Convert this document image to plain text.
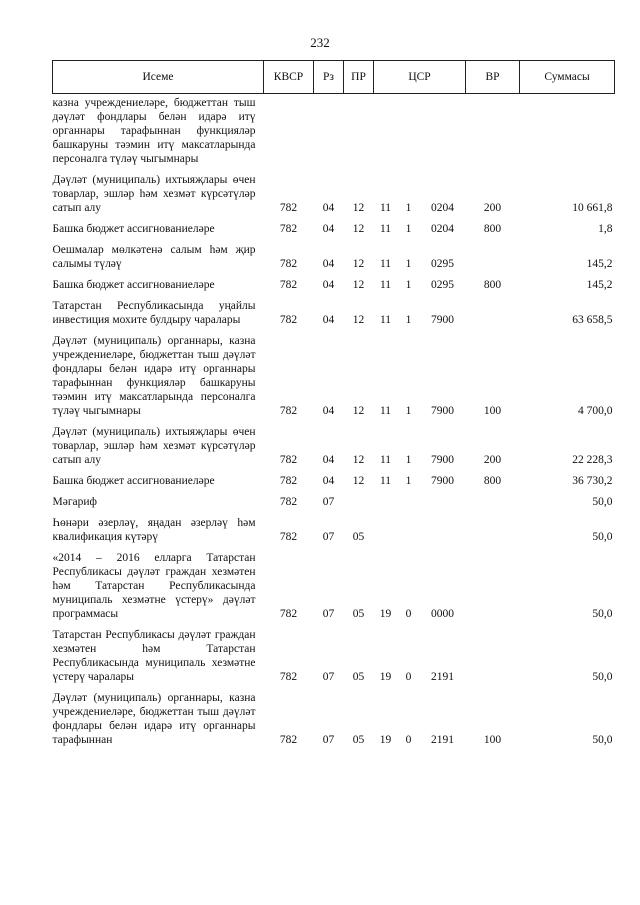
232
Исеме	КВСР	Рз	ПР	ЦСР			ВР	Суммасы
казна учреждениеләре, бюджеттан тыш дәүләт фондлары белән идарә итү органнары тарафыннан функцияләр башкаруны тәэмин итү максатларында персоналга түләү чыгымнары								
Дәүләт (муниципаль) ихтыяҗлары өчен товарлар, эшләр һәм хезмәт күрсәтүләр сатып алу	782	04	12	11	1	0204	200	10 661,8
Башка бюджет ассигнованиеләре	782	04	12	11	1	0204	800	1,8
Оешмалар мөлкәтенә салым һәм җир салымы түләү	782	04	12	11	1	0295		145,2
Башка бюджет ассигнованиеләре	782	04	12	11	1	0295	800	145,2
Татарстан Республикасында уңайлы инвестиция мохите булдыру чаралары	782	04	12	11	1	7900		63 658,5
Дәүләт (муниципаль) органнары, казна учреждениеләре, бюджеттан тыш дәүләт фондлары белән идарә итү органнары тарафыннан функцияләр башкаруны тәэмин итү максатларында персоналга түләү чыгымнары	782	04	12	11	1	7900	100	4 700,0
Дәүләт (муниципаль) ихтыяҗлары өчен товарлар, эшләр һәм хезмәт күрсәтүләр сатып алу	782	04	12	11	1	7900	200	22 228,3
Башка бюджет ассигнованиеләре	782	04	12	11	1	7900	800	36 730,2
Мәгариф	782	07						50,0
Һөнәри әзерләү, яңадан әзерләү һәм квалификация күтәрү	782	07	05					50,0
«2014 – 2016 елларга Татарстан Республикасы дәүләт граждан хезмәтен һәм Татарстан Республикасында муниципаль хезмәтне үстерү» дәүләт программасы	782	07	05	19	0	0000		50,0
Татарстан Республикасы дәүләт граждан хезмәтен һәм Татарстан Республикасында муниципаль хезмәтне үстерү чаралары	782	07	05	19	0	2191		50,0
Дәүләт (муниципаль) органнары, казна учреждениеләре, бюджеттан тыш дәүләт фондлары белән идарә итү органнары тарафыннан	782	07	05	19	0	2191	100	50,0
